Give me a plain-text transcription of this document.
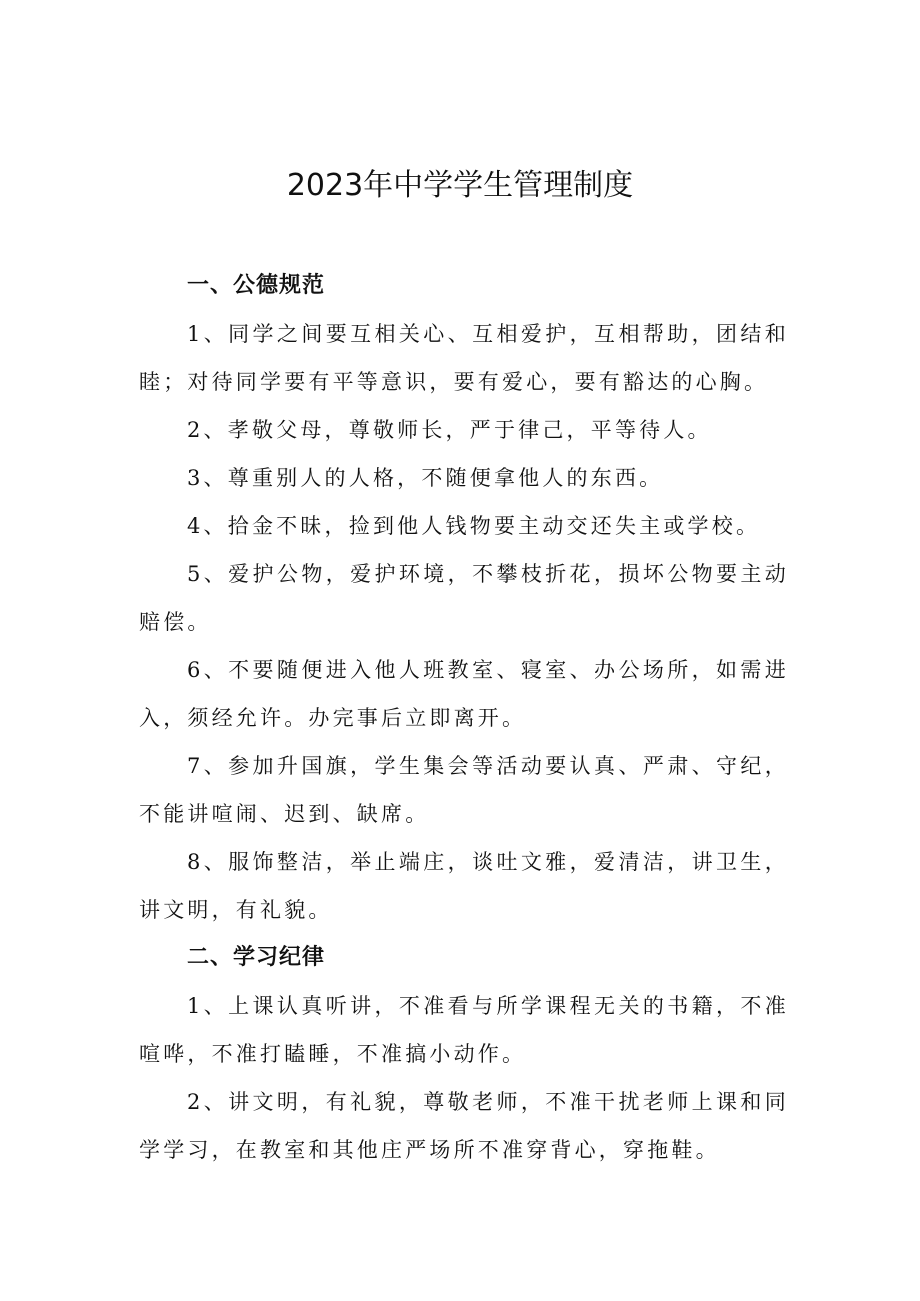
2023年中学学生管理制度
一、公德规范

1、同学之间要互相关心、互相爱护，互相帮助，团结和睦；对待同学要有平等意识，要有爱心，要有豁达的心胸。

2、孝敬父母，尊敬师长，严于律己，平等待人。

3、尊重别人的人格，不随便拿他人的东西。

4、拾金不昧，捡到他人钱物要主动交还失主或学校。

5、爱护公物，爱护环境，不攀枝折花，损坏公物要主动赔偿。

6、不要随便进入他人班教室、寝室、办公场所，如需进入，须经允许。办完事后立即离开。

7、参加升国旗，学生集会等活动要认真、严肃、守纪，不能讲喧闹、迟到、缺席。

8、服饰整洁，举止端庄，谈吐文雅，爱清洁，讲卫生，讲文明，有礼貌。

二、学习纪律

1、上课认真听讲，不准看与所学课程无关的书籍，不准喧哗，不准打瞌睡，不准搞小动作。

2、讲文明，有礼貌，尊敬老师，不准干扰老师上课和同学学习，在教室和其他庄严场所不准穿背心，穿拖鞋。
